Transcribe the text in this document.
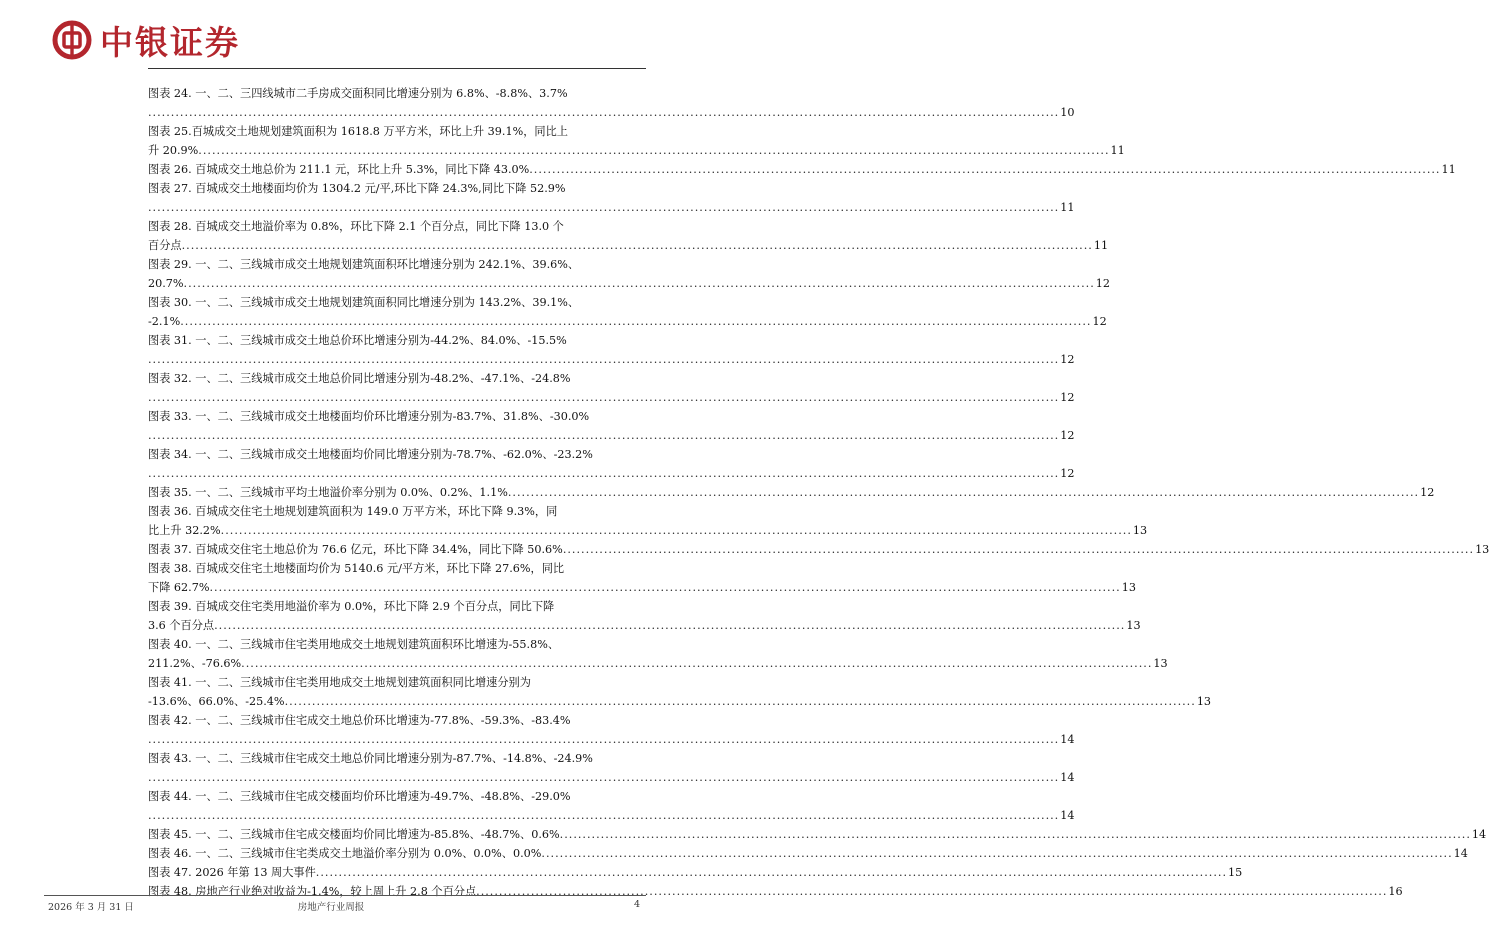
中银证券
图表 24. 一、二、三四线城市二手房成交面积同比增速分别为 6.8%、-8.8%、3.7%
........................................................................................................................................................................................................ 10
图表 25.百城成交土地规划建筑面积为 1618.8 万平方米，环比上升 39.1%，同比上
升 20.9% ........................................................................................................................................................................................................ 11
图表 26. 百城成交土地总价为 211.1 元，环比上升 5.3%，同比下降 43.0% ........................................................................................................................................................................................................ 11
图表 27. 百城成交土地楼面均价为 1304.2 元/平,环比下降 24.3%,同比下降 52.9%
........................................................................................................................................................................................................ 11
图表 28. 百城成交土地溢价率为 0.8%，环比下降 2.1 个百分点，同比下降 13.0 个
百分点 ........................................................................................................................................................................................................ 11
图表 29. 一、二、三线城市成交土地规划建筑面积环比增速分别为 242.1%、39.6%、
20.7% ........................................................................................................................................................................................................ 12
图表 30. 一、二、三线城市成交土地规划建筑面积同比增速分别为 143.2%、39.1%、
-2.1% ........................................................................................................................................................................................................ 12
图表 31. 一、二、三线城市成交土地总价环比增速分别为-44.2%、84.0%、-15.5%
........................................................................................................................................................................................................ 12
图表 32. 一、二、三线城市成交土地总价同比增速分别为-48.2%、-47.1%、-24.8%
........................................................................................................................................................................................................ 12
图表 33. 一、二、三线城市成交土地楼面均价环比增速分别为-83.7%、31.8%、-30.0%
........................................................................................................................................................................................................ 12
图表 34. 一、二、三线城市成交土地楼面均价同比增速分别为-78.7%、-62.0%、-23.2%
........................................................................................................................................................................................................ 12
图表 35. 一、二、三线城市平均土地溢价率分别为 0.0%、0.2%、1.1% ........................................................................................................................................................................................................ 12
图表 36. 百城成交住宅土地规划建筑面积为 149.0 万平方米，环比下降 9.3%，同
比上升 32.2% ........................................................................................................................................................................................................ 13
图表 37. 百城成交住宅土地总价为 76.6 亿元，环比下降 34.4%，同比下降 50.6% ........................................................................................................................................................................................................ 13
图表 38. 百城成交住宅土地楼面均价为 5140.6 元/平方米，环比下降 27.6%，同比
下降 62.7% ........................................................................................................................................................................................................ 13
图表 39. 百城成交住宅类用地溢价率为 0.0%，环比下降 2.9 个百分点，同比下降
3.6 个百分点 ........................................................................................................................................................................................................ 13
图表 40. 一、二、三线城市住宅类用地成交土地规划建筑面积环比增速为-55.8%、
211.2%、-76.6% ........................................................................................................................................................................................................ 13
图表 41. 一、二、三线城市住宅类用地成交土地规划建筑面积同比增速分别为
-13.6%、66.0%、-25.4% ........................................................................................................................................................................................................ 13
图表 42. 一、二、三线城市住宅成交土地总价环比增速为-77.8%、-59.3%、-83.4%
........................................................................................................................................................................................................ 14
图表 43. 一、二、三线城市住宅成交土地总价同比增速分别为-87.7%、-14.8%、-24.9%
........................................................................................................................................................................................................ 14
图表 44. 一、二、三线城市住宅成交楼面均价环比增速为-49.7%、-48.8%、-29.0%
........................................................................................................................................................................................................ 14
图表 45. 一、二、三线城市住宅成交楼面均价同比增速为-85.8%、-48.7%、0.6% ........................................................................................................................................................................................................ 14
图表 46. 一、二、三线城市住宅类成交土地溢价率分别为 0.0%、0.0%、0.0% ........................................................................................................................................................................................................ 14
图表 47. 2026 年第 13 周大事件 ........................................................................................................................................................................................................ 15
图表 48. 房地产行业绝对收益为-1.4%，较上周上升 2.8 个百分点 ........................................................................................................................................................................................................ 16
2026 年 3 月 31 日	房地产行业周报	4
